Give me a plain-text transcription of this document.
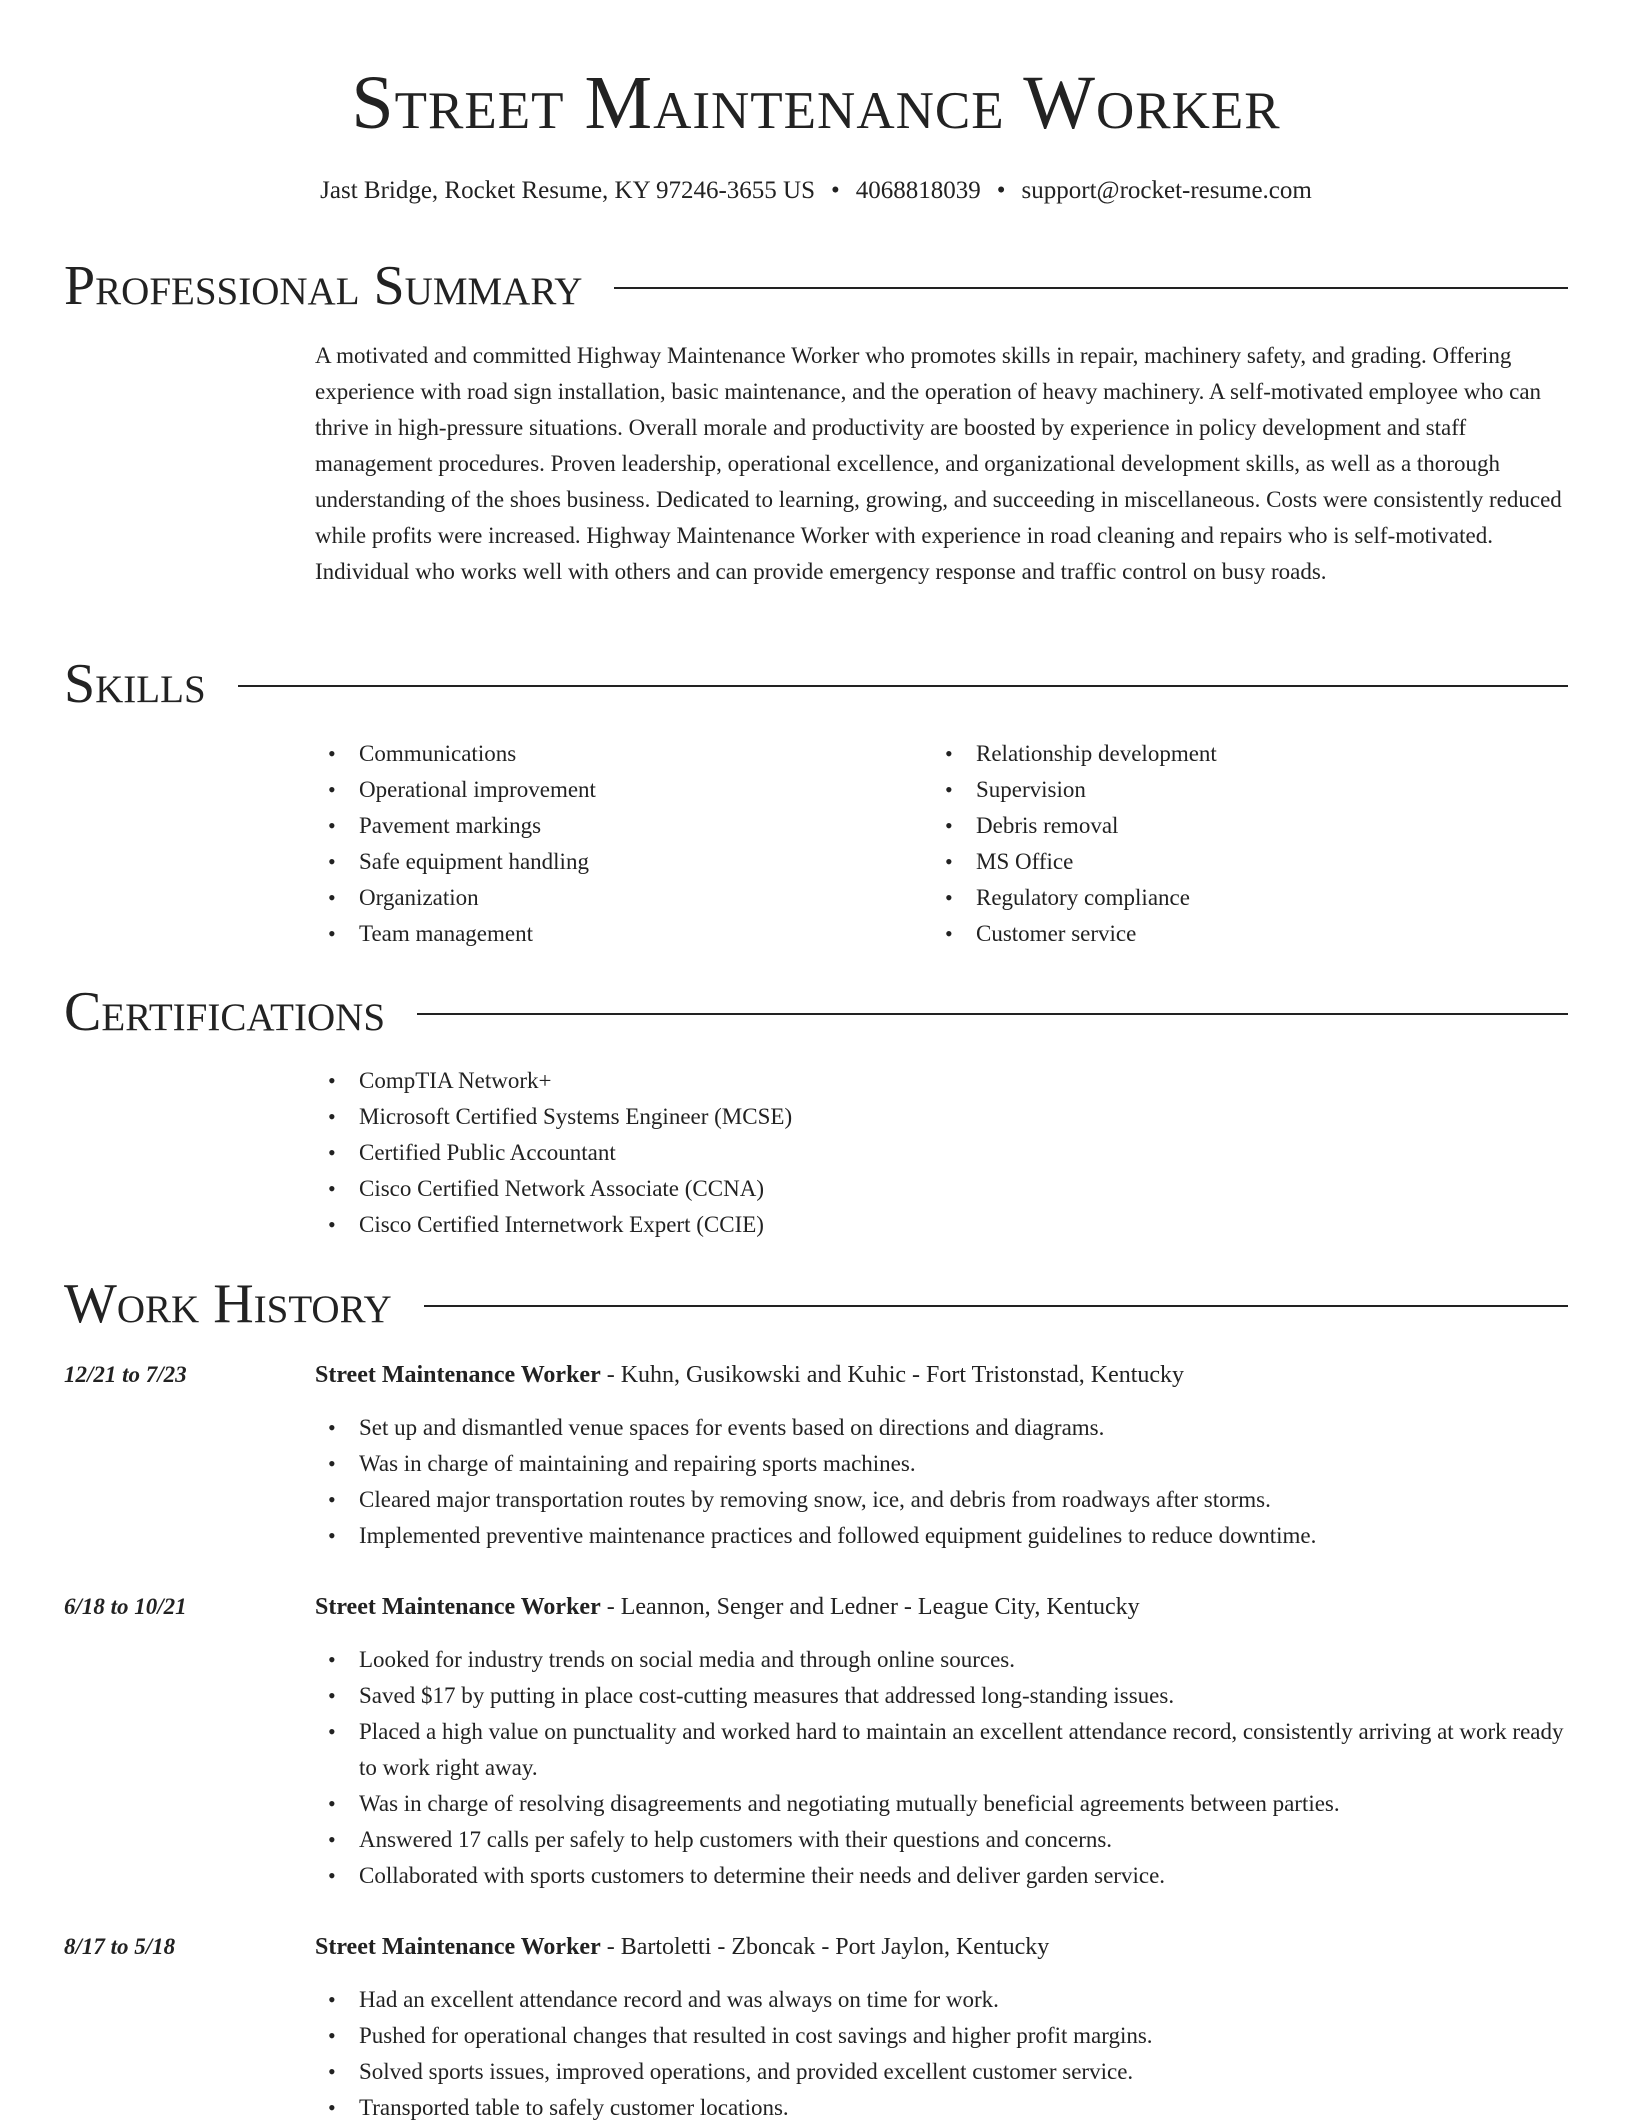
Street Maintenance Worker
Jast Bridge, Rocket Resume, KY 97246-3655 US • 4068818039 • support@rocket-resume.com
Professional Summary

A motivated and committed Highway Maintenance Worker who promotes skills in repair, machinery safety, and grading. Offering experience with road sign installation, basic maintenance, and the operation of heavy machinery. A self-motivated employee who can thrive in high-pressure situations. Overall morale and productivity are boosted by experience in policy development and staff management procedures. Proven leadership, operational excellence, and organizational development skills, as well as a thorough understanding of the shoes business. Dedicated to learning, growing, and succeeding in miscellaneous. Costs were consistently reduced while profits were increased. Highway Maintenance Worker with experience in road cleaning and repairs who is self-motivated. Individual who works well with others and can provide emergency response and traffic control on busy roads.

Skills
• Communications
• Operational improvement
• Pavement markings
• Safe equipment handling
• Organization
• Team management
• Relationship development
• Supervision
• Debris removal
• MS Office
• Regulatory compliance
• Customer service
Certifications
• CompTIA Network+
• Microsoft Certified Systems Engineer (MCSE)
• Certified Public Accountant
• Cisco Certified Network Associate (CCNA)
• Cisco Certified Internetwork Expert (CCIE)
Work History
12/21 to 7/23	Street Maintenance Worker - Kuhn, Gusikowski and Kuhic - Fort Tristonstad, Kentucky
• Set up and dismantled venue spaces for events based on directions and diagrams.
• Was in charge of maintaining and repairing sports machines.
• Cleared major transportation routes by removing snow, ice, and debris from roadways after storms.
• Implemented preventive maintenance practices and followed equipment guidelines to reduce downtime.
6/18 to 10/21	Street Maintenance Worker - Leannon, Senger and Ledner - League City, Kentucky
• Looked for industry trends on social media and through online sources.
• Saved $17 by putting in place cost-cutting measures that addressed long-standing issues.
• Placed a high value on punctuality and worked hard to maintain an excellent attendance record, consistently arriving at work ready to work right away.
• Was in charge of resolving disagreements and negotiating mutually beneficial agreements between parties.
• Answered 17 calls per safely to help customers with their questions and concerns.
• Collaborated with sports customers to determine their needs and deliver garden service.
8/17 to 5/18	Street Maintenance Worker - Bartoletti - Zboncak - Port Jaylon, Kentucky
• Had an excellent attendance record and was always on time for work.
• Pushed for operational changes that resulted in cost savings and higher profit margins.
• Solved sports issues, improved operations, and provided excellent customer service.
• Transported table to safely customer locations.
